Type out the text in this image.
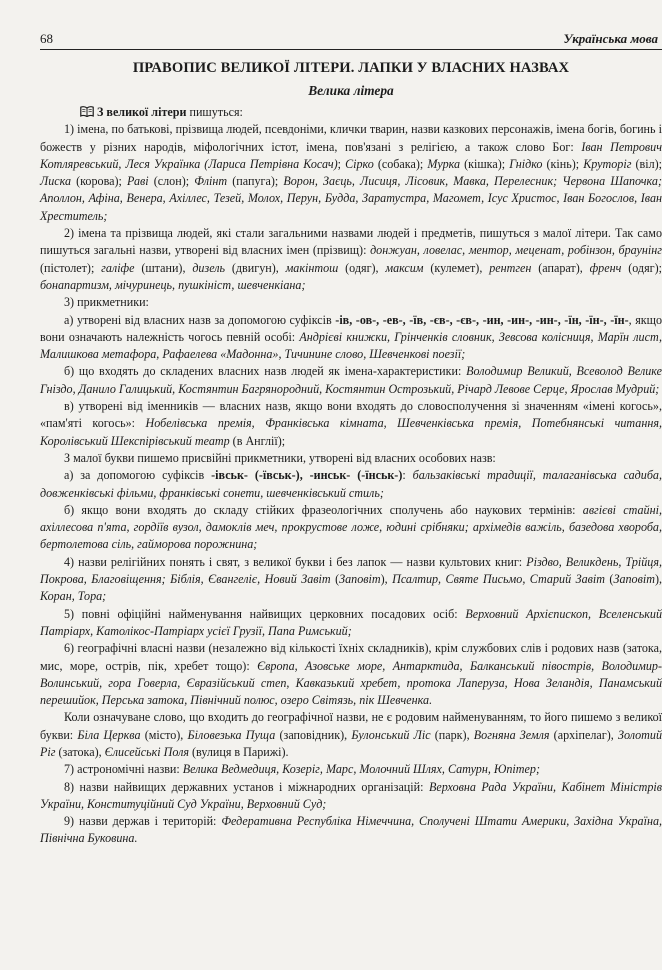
68	Українська мова
ПРАВОПИС ВЕЛИКОЇ ЛІТЕРИ. ЛАПКИ У ВЛАСНИХ НАЗВАХ
Велика літера

З великої літери пишуться:

1) імена, по батькові, прізвища людей, псевдоніми, клички тварин, назви казкових персонажів, імена богів, богинь і божеств у різних народів, міфологічних істот, імена, пов'язані з релігією, а також слово Бог: Іван Петрович Котляревський, Леся Українка (Лариса Петрівна Косач); Сірко (собака); Мурка (кішка); Гнідко (кінь); Круторіг (віл); Лиска (корова); Раві (слон); Флінт (папуга); Ворон, Заєць, Лисиця, Лісовик, Мавка, Перелесник; Червона Шапочка; Аполлон, Афіна, Венера, Ахіллес, Тезей, Молох, Перун, Будда, Заратустра, Магомет, Ісус Христос, Іван Богослов, Іван Хреститель;

2) імена та прізвища людей, які стали загальними назвами людей і предметів, пишуться з малої літери. Так само пишуться загальні назви, утворені від власних імен (прізвищ): донжуан, ловелас, ментор, меценат, робінзон, браунінг (пістолет); галіфе (штани), дизель (двигун), макінтош (одяг), максим (кулемет), рентген (апарат), френч (одяг); бонапартизм, мічуринець, пушкініст, шевченкіана;

3) прикметники:

а) утворені від власних назв за допомогою суфіксів -ів, -ов-, -ев-, -їв, -єв-, -єв-, -ин, -ин-, -ин-, -їн, -їн-, -їн-, якщо вони означають належність чогось певній особі: Андрієві книжки, Грінченків словник, Зевсова колісниця, Марїн лист, Малишкова метафора, Рафаелева «Мадонна», Тичинине слово, Шевченкові поезії;

б) що входять до складених власних назв людей як імена-характеристики: Володимир Великий, Всеволод Велике Гніздо, Данило Галицький, Костянтин Багрянородний, Костянтин Острозький, Річард Левове Серце, Ярослав Мудрий;

в) утворені від іменників — власних назв, якщо вони входять до словосполучення зі значенням «імені когось», «пам'яті когось»: Нобелівська премія, Франківська кімната, Шевченківська премія, Потебнянські читання, Королівський Шекспірівський театр (в Англії);

З малої букви пишемо присвійні прикметники, утворені від власних особових назв:

а) за допомогою суфіксів -івськ- (-ївськ-), -инськ- (-їнськ-): бальзаківські традиції, талаганівська садиба, довженківські фільми, франківські сонети, шевченківський стиль;

б) якщо вони входять до складу стійких фразеологічних сполучень або наукових термінів: авгієві стайні, ахіллесова п'ята, гордіїв вузол, дамоклів меч, прокрустове ложе, юдині срібняки; архімедів важіль, базедова хвороба, бертолетова сіль, гайморова порожнина;

4) назви релігійних понять і свят, з великої букви і без лапок — назви культових книг: Різдво, Великдень, Трійця, Покрова, Благовіщення; Біблія, Євангеліє, Новий Завіт (Заповіт), Псалтир, Святе Письмо, Старий Завіт (Заповіт), Коран, Тора;

5) повні офіційні найменування найвищих церковних посадових осіб: Верховний Архієпископ, Вселенський Патріарх, Католікос-Патріарх усієї Грузії, Папа Римський;

6) географічні власні назви (незалежно від кількості їхніх складників), крім службових слів і родових назв (затока, мис, море, острів, пік, хребет тощо): Європа, Азовське море, Антарктида, Балканський півострів, Володимир-Волинський, гора Говерла, Євразійський степ, Кавказький хребет, протока Лаперуза, Нова Зеландія, Панамський перешийок, Перська затока, Північний полюс, озеро Світязь, пік Шевченка.

Коли означуване слово, що входить до географічної назви, не є родовим найменуванням, то його пишемо з великої букви: Біла Церква (місто), Біловезька Пуща (заповідник), Булонський Ліс (парк), Вогняна Земля (архіпелаг), Золотий Ріг (затока), Єлисейські Поля (вулиця в Парижі).

7) астрономічні назви: Велика Ведмедиця, Козеріг, Марс, Молочний Шлях, Сатурн, Юпітер;

8) назви найвищих державних установ і міжнародних організацій: Верховна Рада України, Кабінет Міністрів України, Конституційний Суд України, Верховний Суд;

9) назви держав і територій: Федеративна Республіка Німеччина, Сполучені Штати Америки, Західна Україна, Північна Буковина.
